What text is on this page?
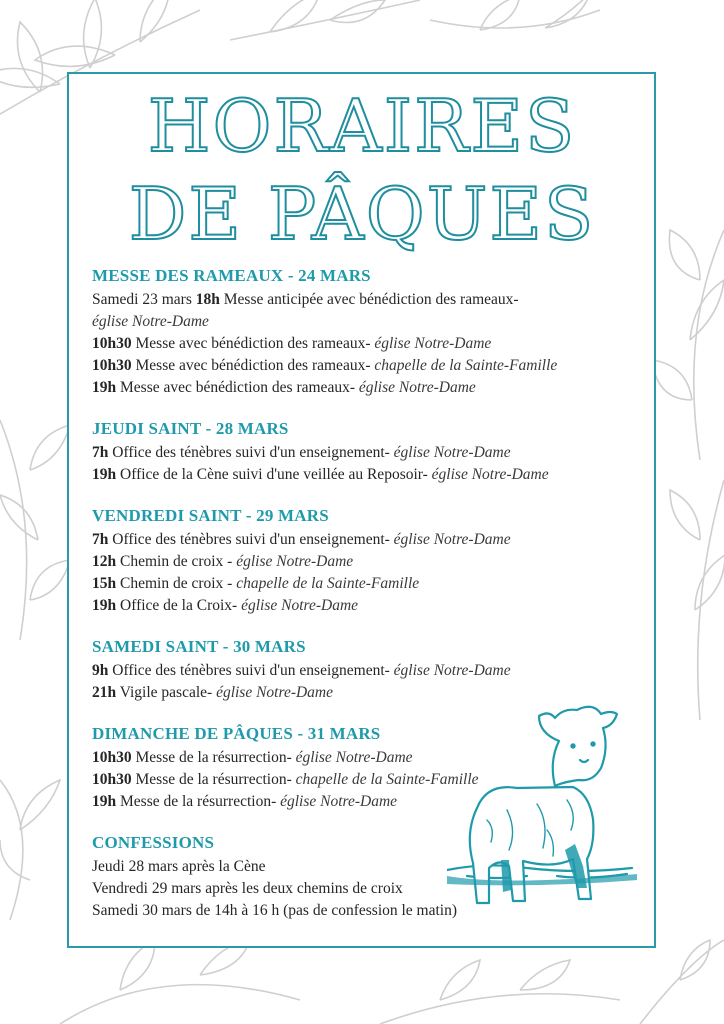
HORAIRES
DE PÂQUES
MESSE DES RAMEAUX - 24 MARS
Samedi 23 mars 18h Messe anticipée avec bénédiction des rameaux-église Notre-Dame
10h30 Messe avec bénédiction des rameaux- église Notre-Dame
10h30 Messe avec bénédiction des rameaux- chapelle de la Sainte-Famille
19h Messe avec bénédiction des rameaux- église Notre-Dame
JEUDI SAINT - 28 MARS
7h Office des ténèbres suivi d'un enseignement- église Notre-Dame
19h Office de la Cène suivi d'une veillée au Reposoir- église Notre-Dame
VENDREDI SAINT - 29 MARS
7h Office des ténèbres suivi d'un enseignement- église Notre-Dame
12h Chemin de croix - église Notre-Dame
15h Chemin de croix - chapelle de la Sainte-Famille
19h Office de la Croix- église Notre-Dame
SAMEDI SAINT - 30 MARS
9h Office des ténèbres suivi d'un enseignement- église Notre-Dame
21h Vigile pascale- église Notre-Dame
DIMANCHE DE PÂQUES - 31 MARS
10h30 Messe de la résurrection- église Notre-Dame
10h30 Messe de la résurrection- chapelle de la Sainte-Famille
19h Messe de la résurrection- église Notre-Dame
CONFESSIONS
Jeudi 28 mars après la Cène
Vendredi 29 mars après les deux chemins de croix
Samedi 30 mars de 14h à 16 h (pas de confession le matin)
